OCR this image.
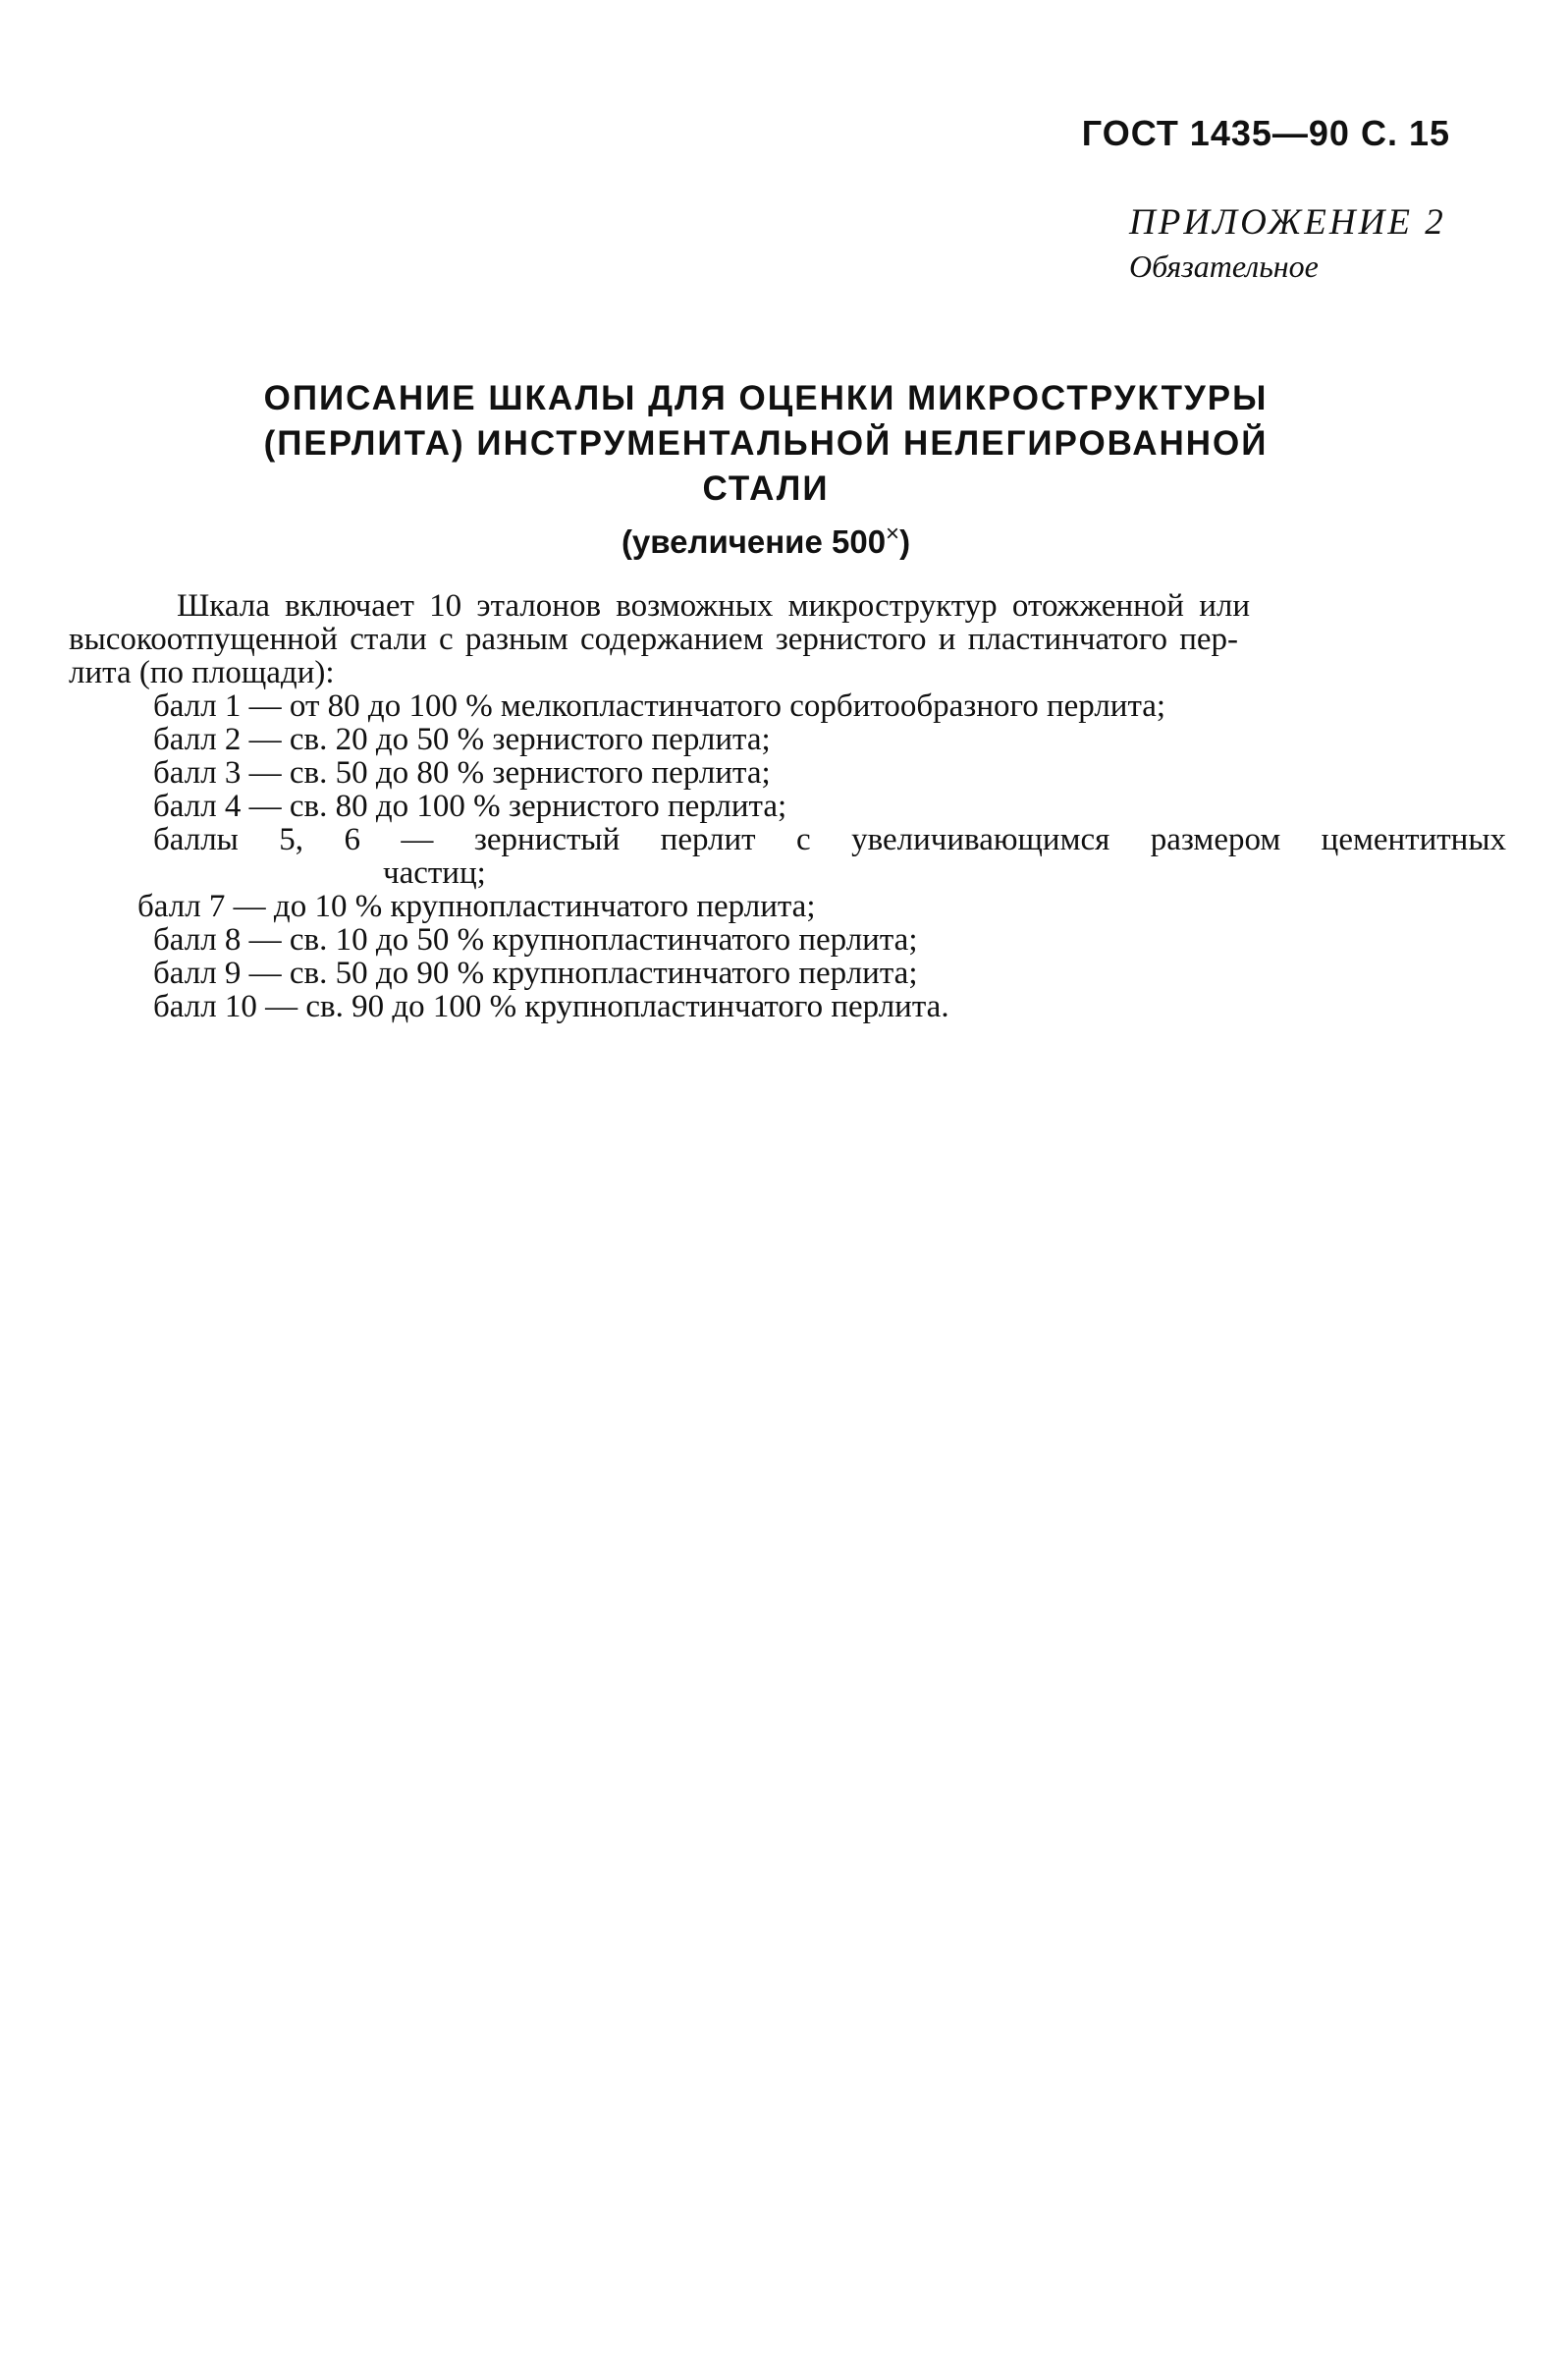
ГОСТ 1435—90 С. 15
ПРИЛОЖЕНИЕ 2
Обязательное
ОПИСАНИЕ ШКАЛЫ ДЛЯ ОЦЕНКИ МИКРОСТРУКТУРЫ
(ПЕРЛИТА) ИНСТРУМЕНТАЛЬНОЙ НЕЛЕГИРОВАННОЙ
СТАЛИ
(увеличение 500×)
Шкала включает 10 эталонов возможных микроструктур отожженной или
высокоотпущенной стали с разным содержанием зернистого и пластинчатого пер-
лита (по площади):
балл 1 — от 80 до 100 % мелкопластинчатого сорбитообразного перлита;
балл 2 — св. 20 до 50 % зернистого перлита;
балл 3 — св. 50 до 80 % зернистого перлита;
балл 4 — св. 80 до 100 % зернистого перлита;
баллы 5, 6 — зернистый перлит с увеличивающимся размером цементитных
частиц;
балл 7 — до 10 % крупнопластинчатого перлита;
балл 8 — св. 10 до 50 % крупнопластинчатого перлита;
балл 9 — св. 50 до 90 % крупнопластинчатого перлита;
балл 10 — св. 90 до 100 % крупнопластинчатого перлита.
